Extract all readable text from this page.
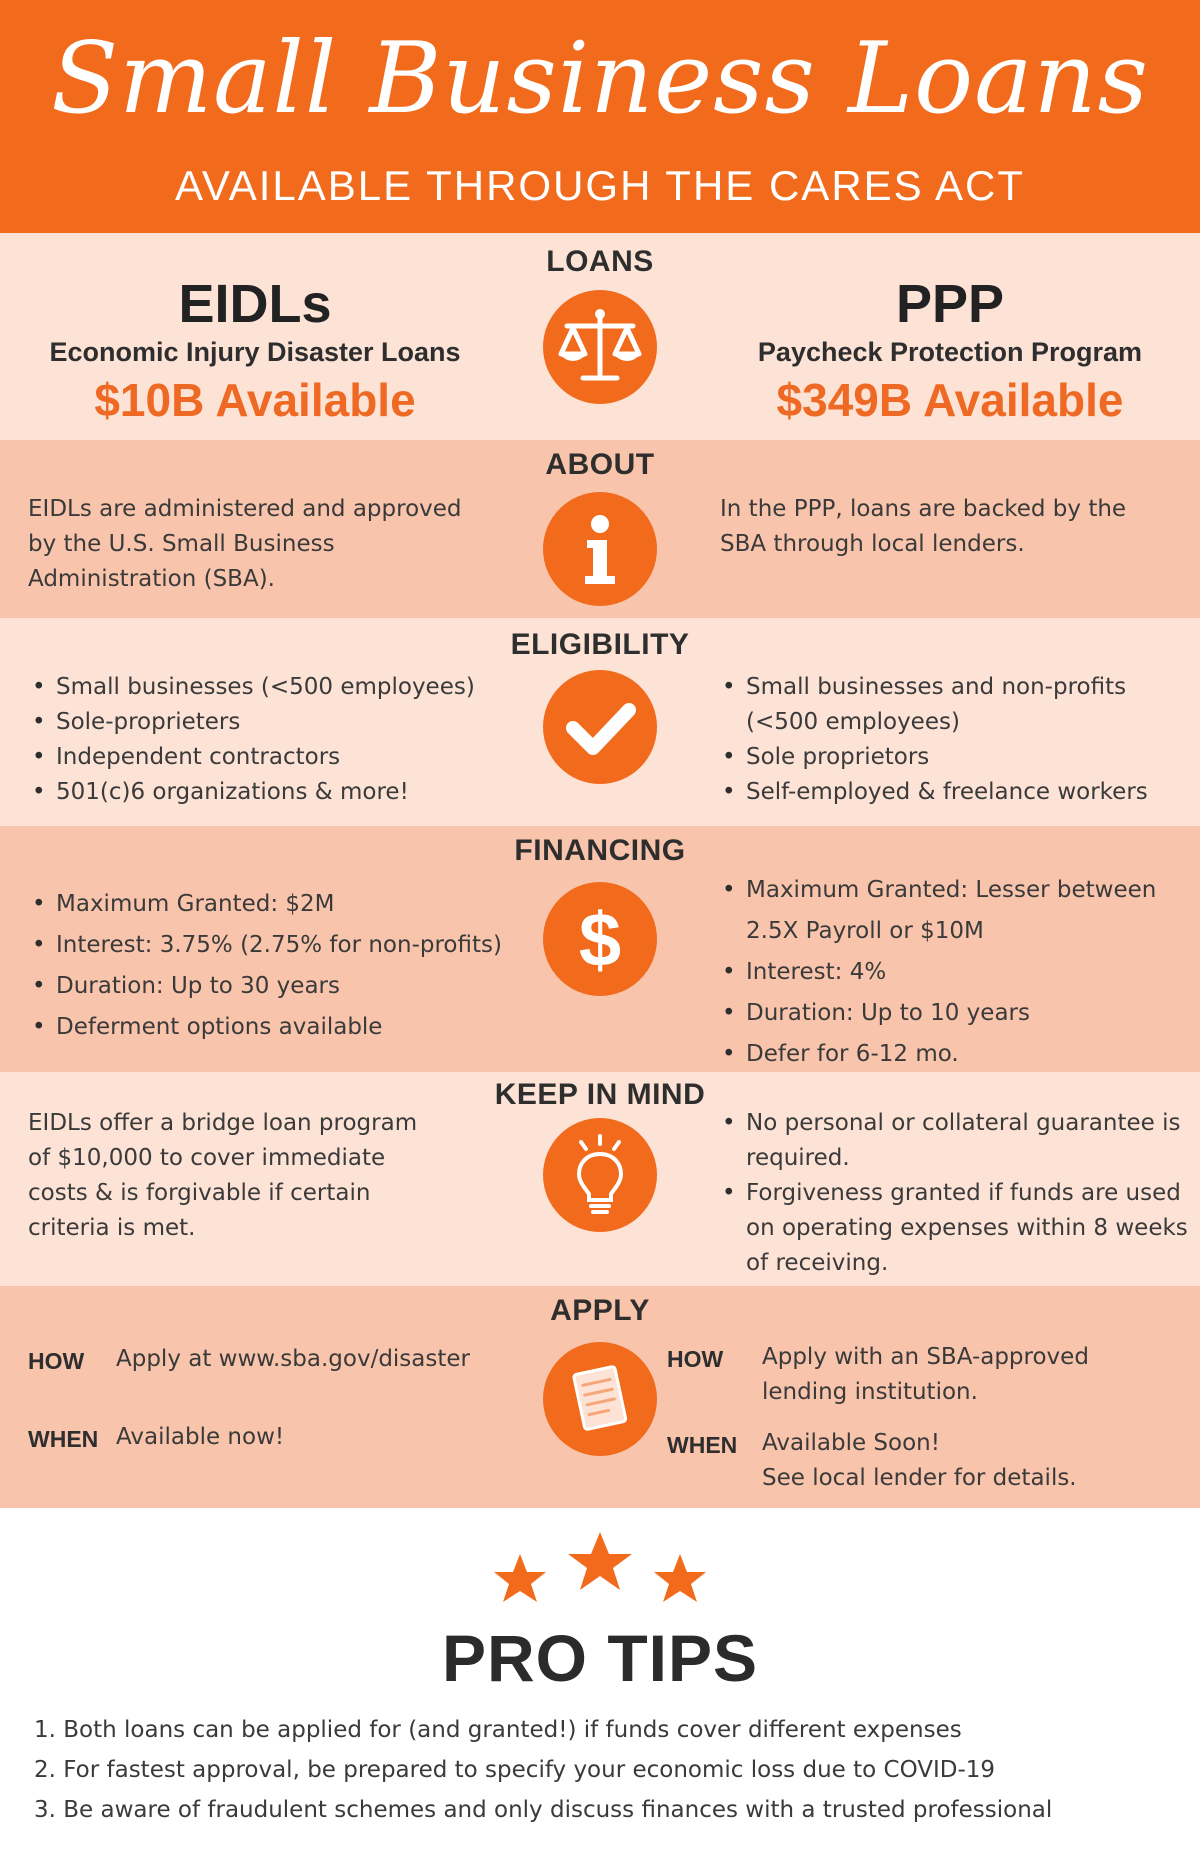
Small Business Loans
AVAILABLE THROUGH THE CARES ACT
LOANS
EIDLs
Economic Injury Disaster Loans
$10B Available
PPP
Paycheck Protection Program
$349B Available
ABOUT
EIDLs are administered and approved
by the U.S. Small Business
Administration (SBA).
In the PPP, loans are backed by the
SBA through local lenders.
ELIGIBILITY
• Small businesses (<500 employees)
• Sole-proprieters
• Independent contractors
• 501(c)6 organizations & more!
• Small businesses and non-profits (<500 employees)
• Sole proprietors
• Self-employed & freelance workers
FINANCING
• Maximum Granted: $2M
• Interest: 3.75% (2.75% for non-profits)
• Duration: Up to 30 years
• Deferment options available
• Maximum Granted: Lesser between 2.5X Payroll or $10M
• Interest: 4%
• Duration: Up to 10 years
• Defer for 6-12 mo.
$
KEEP IN MIND
EIDLs offer a bridge loan program
of $10,000 to cover immediate
costs & is forgivable if certain
criteria is met.
• No personal or collateral guarantee is required.
• Forgiveness granted if funds are used on operating expenses within 8 weeks of receiving.
APPLY
HOW Apply at www.sba.gov/disaster
WHEN Available now!
HOW Apply with an SBA-approved
lending institution.
WHEN Available Soon!
See local lender for details.
PRO TIPS
1. Both loans can be applied for (and granted!) if funds cover different expenses
2. For fastest approval, be prepared to specify your economic loss due to COVID-19
3. Be aware of fraudulent schemes and only discuss finances with a trusted professional
